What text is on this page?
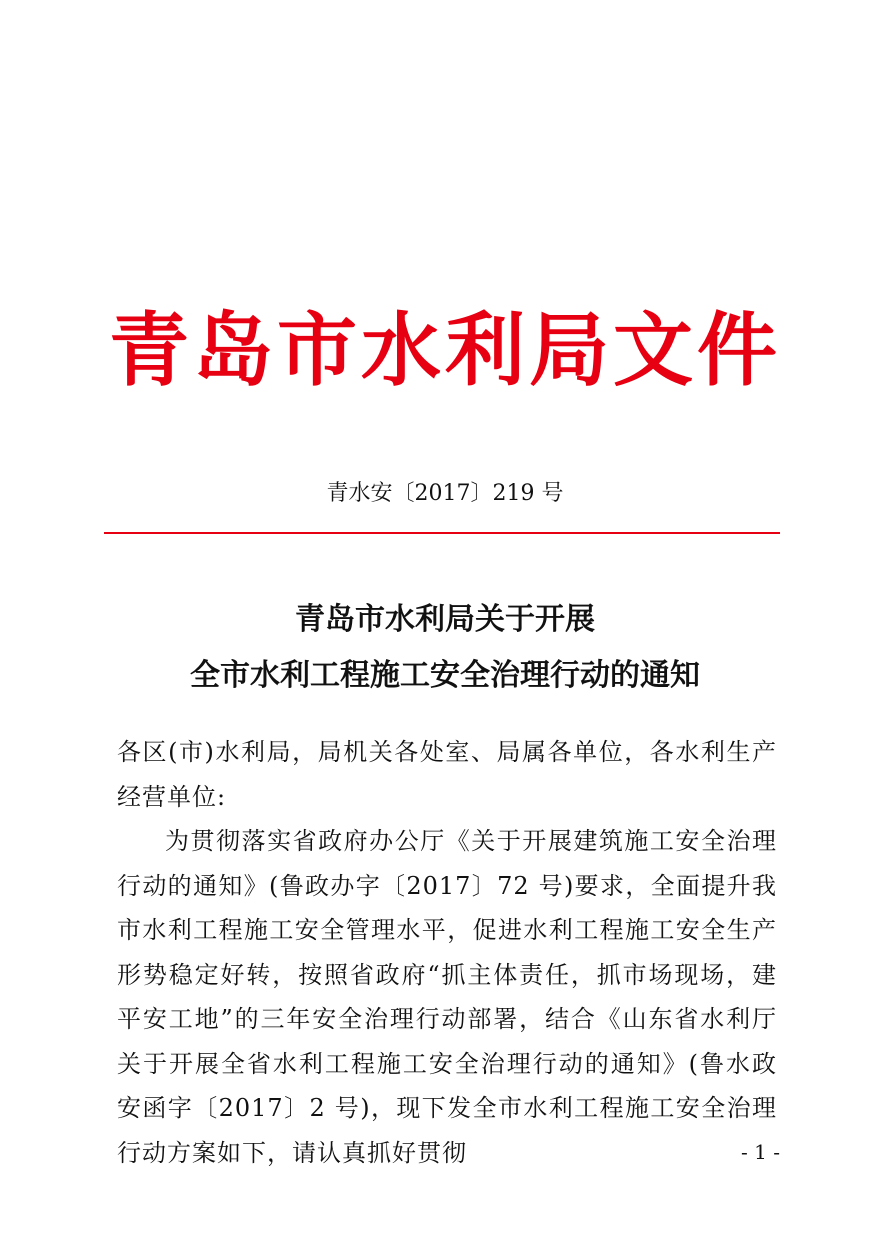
青岛市水利局文件
青水安〔2017〕219 号
青岛市水利局关于开展
全市水利工程施工安全治理行动的通知

各区(市)水利局，局机关各处室、局属各单位，各水利生产经营单位:

为贯彻落实省政府办公厅《关于开展建筑施工安全治理行动的通知》(鲁政办字〔2017〕72 号)要求，全面提升我市水利工程施工安全管理水平，促进水利工程施工安全生产形势稳定好转，按照省政府“抓主体责任，抓市场现场，建平安工地”的三年安全治理行动部署，结合《山东省水利厅关于开展全省水利工程施工安全治理行动的通知》(鲁水政安函字〔2017〕2 号)，现下发全市水利工程施工安全治理行动方案如下，请认真抓好贯彻	- 1 -
